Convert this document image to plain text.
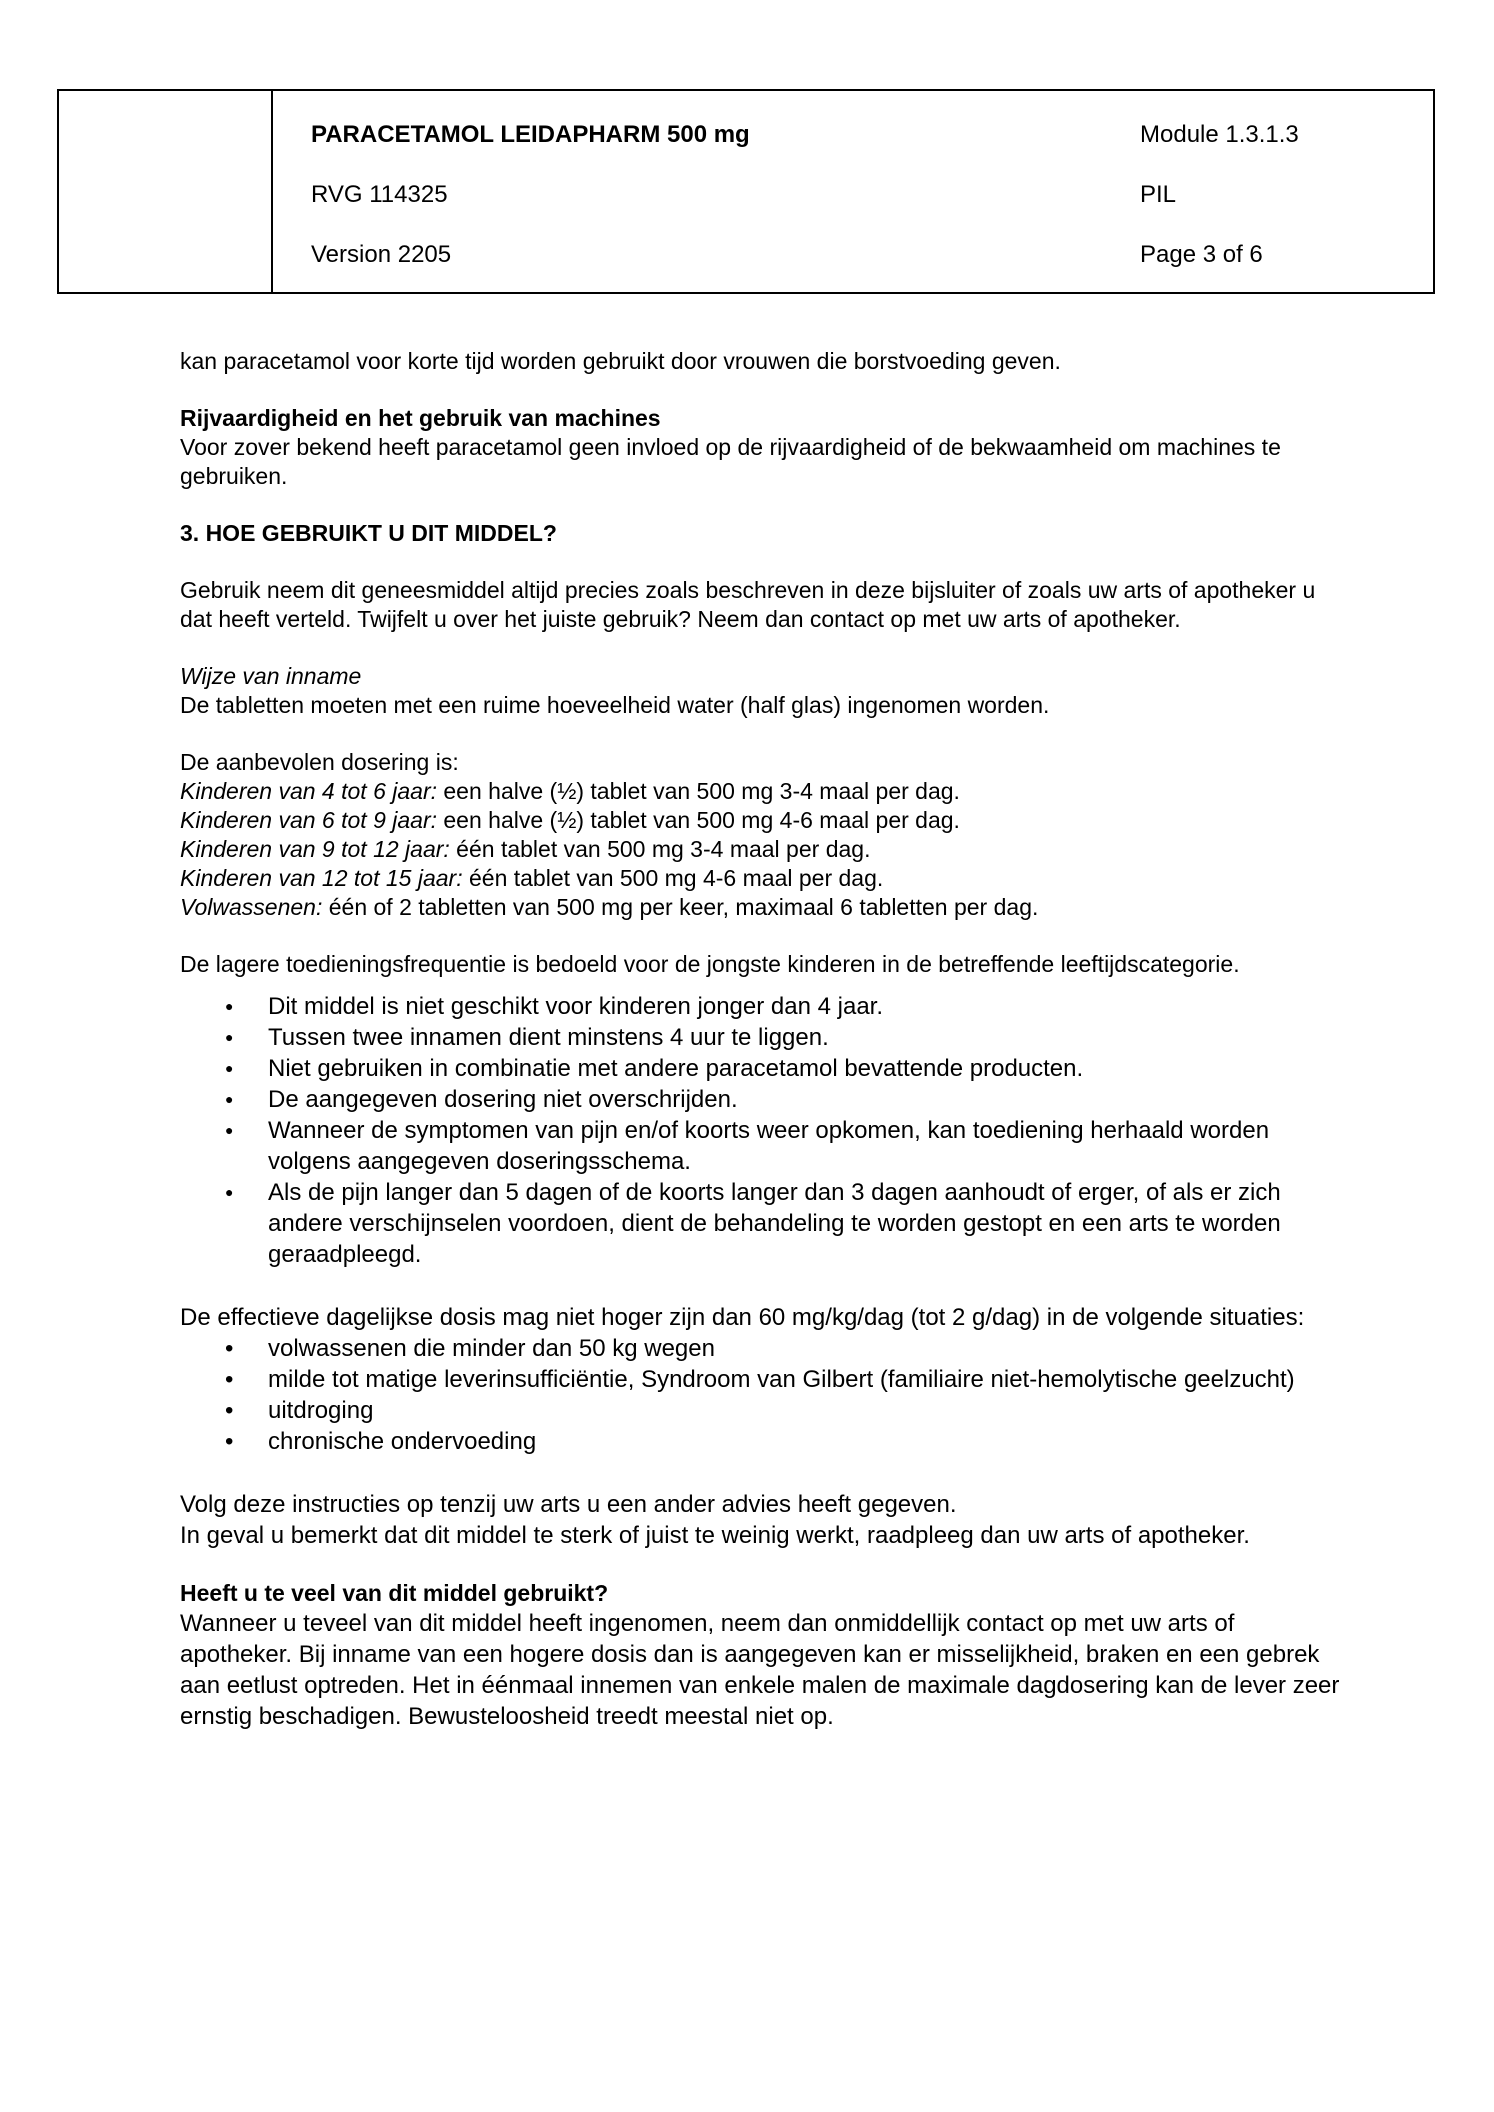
PARACETAMOL LEIDAPHARM 500 mg	Module 1.3.1.3
RVG 114325	PIL
Version 2205	Page 3 of 6

kan paracetamol voor korte tijd worden gebruikt door vrouwen die borstvoeding geven.

Rijvaardigheid en het gebruik van machines

Voor zover bekend heeft paracetamol geen invloed op de rijvaardigheid of de bekwaamheid om machines te gebruiken.

3. HOE GEBRUIKT U DIT MIDDEL?

Gebruik neem dit geneesmiddel altijd precies zoals beschreven in deze bijsluiter of zoals uw arts of apotheker u dat heeft verteld. Twijfelt u over het juiste gebruik? Neem dan contact op met uw arts of apotheker.

Wijze van inname

De tabletten moeten met een ruime hoeveelheid water (half glas) ingenomen worden.

De aanbevolen dosering is:

Kinderen van 4 tot 6 jaar: een halve (½) tablet van 500 mg 3-4 maal per dag.

Kinderen van 6 tot 9 jaar: een halve (½) tablet van 500 mg 4-6 maal per dag.

Kinderen van 9 tot 12 jaar: één tablet van 500 mg 3-4 maal per dag.

Kinderen van 12 tot 15 jaar: één tablet van 500 mg 4-6 maal per dag.

Volwassenen: één of 2 tabletten van 500 mg per keer, maximaal 6 tabletten per dag.

De lagere toedieningsfrequentie is bedoeld voor de jongste kinderen in de betreffende leeftijdscategorie.

● Dit middel is niet geschikt voor kinderen jonger dan 4 jaar.
● Tussen twee innamen dient minstens 4 uur te liggen.
● Niet gebruiken in combinatie met andere paracetamol bevattende producten.
● De aangegeven dosering niet overschrijden.
● Wanneer de symptomen van pijn en/of koorts weer opkomen, kan toediening herhaald worden volgens aangegeven doseringsschema.
● Als de pijn langer dan 5 dagen of de koorts langer dan 3 dagen aanhoudt of erger, of als er zich andere verschijnselen voordoen, dient de behandeling te worden gestopt en een arts te worden geraadpleegd.

De effectieve dagelijkse dosis mag niet hoger zijn dan 60 mg/kg/dag (tot 2 g/dag) in de volgende situaties:

• volwassenen die minder dan 50 kg wegen
• milde tot matige leverinsufficiëntie, Syndroom van Gilbert (familiaire niet-hemolytische geelzucht)
• uitdroging
• chronische ondervoeding

Volg deze instructies op tenzij uw arts u een ander advies heeft gegeven.

In geval u bemerkt dat dit middel te sterk of juist te weinig werkt, raadpleeg dan uw arts of apotheker.

Heeft u te veel van dit middel gebruikt?

Wanneer u teveel van dit middel heeft ingenomen, neem dan onmiddellijk contact op met uw arts of apotheker. Bij inname van een hogere dosis dan is aangegeven kan er misselijkheid, braken en een gebrek aan eetlust optreden. Het in éénmaal innemen van enkele malen de maximale dagdosering kan de lever zeer ernstig beschadigen. Bewusteloosheid treedt meestal niet op.
